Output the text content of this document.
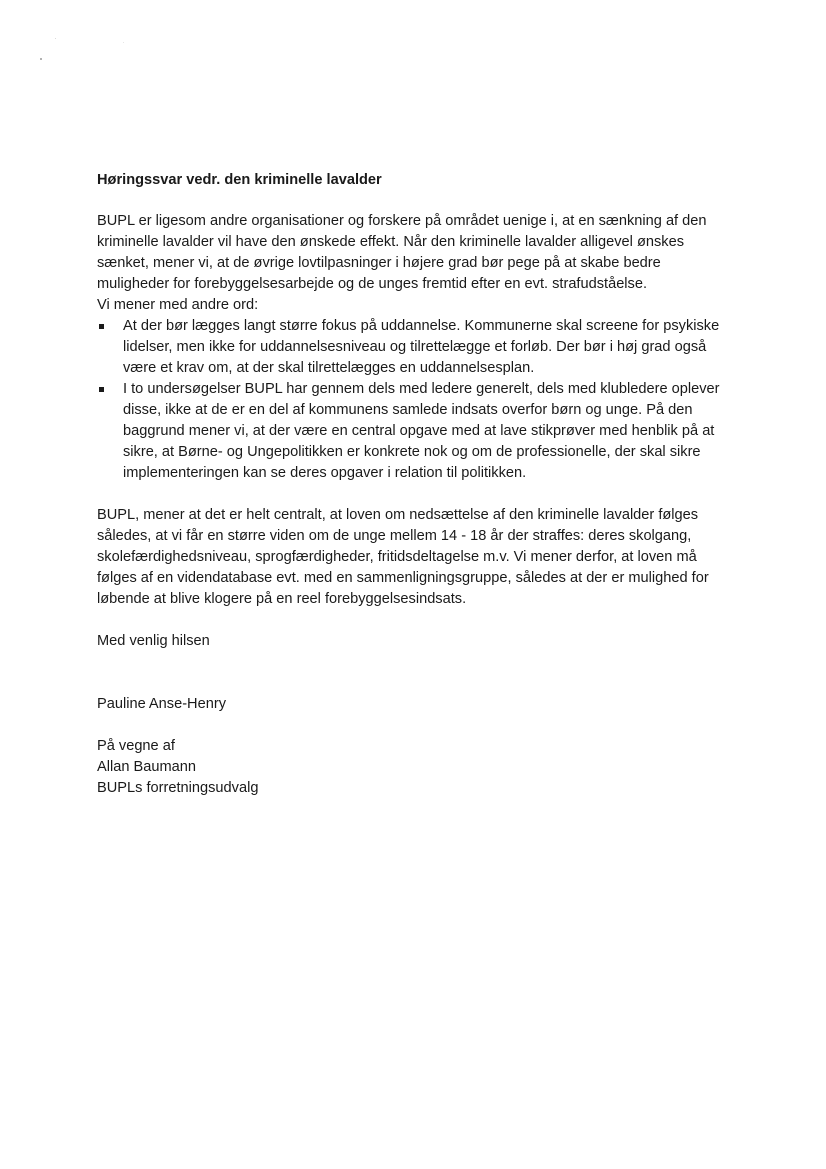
Høringssvar vedr. den kriminelle lavalder

BUPL er ligesom andre organisationer og forskere på området uenige i, at en sænkning af den kriminelle lavalder vil have den ønskede effekt. Når den kriminelle lavalder alligevel ønskes sænket, mener vi, at de øvrige lovtilpasninger i højere grad bør pege på at skabe bedre muligheder for forebyggelsesarbejde og de unges fremtid efter en evt. strafudståelse.

Vi mener med andre ord:

At der bør lægges langt større fokus på uddannelse. Kommunerne skal screene for psykiske lidelser, men ikke for uddannelsesniveau og tilrettelægge et forløb. Der bør i høj grad også være et krav om, at der skal tilrettelægges en uddannelsesplan.
I to undersøgelser BUPL har gennem dels med ledere generelt, dels med klubledere oplever disse, ikke at de er en del af kommunens samlede indsats overfor børn og unge. På den baggrund mener vi, at der være en central opgave med at lave stikprøver med henblik på at sikre, at Børne- og Ungepolitikken er konkrete nok og om de professionelle, der skal sikre implementeringen kan se deres opgaver i relation til politikken.

BUPL, mener at det er helt centralt, at loven om nedsættelse af den kriminelle lavalder følges således, at vi får en større viden om de unge mellem 14 - 18 år der straffes: deres skolgang, skolefærdighedsniveau, sprogfærdigheder, fritidsdeltagelse m.v. Vi mener derfor, at loven må følges af en videndatabase evt. med en sammenligningsgruppe, således at der er mulighed for løbende at blive klogere på en reel forebyggelsesindsats.

Med venlig hilsen

Pauline Anse-Henry

På vegne af

Allan Baumann

BUPLs forretningsudvalg
